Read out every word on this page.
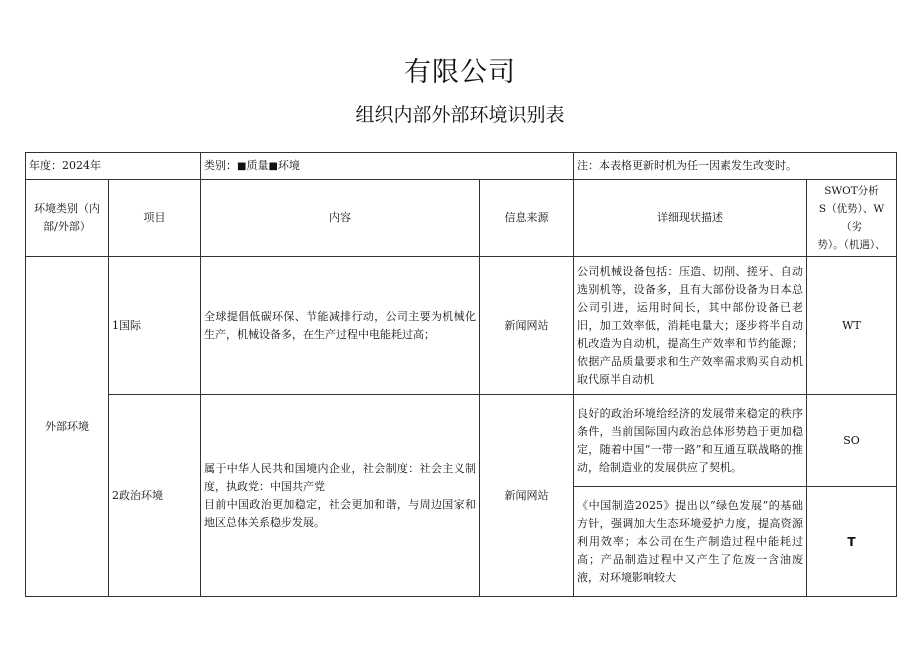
有限公司
组织内部外部环境识别表
年度：2024年		类别：■质量■环境		注：本表格更新时机为任一因素发生改变时。	
环境类别（内部/外部）	项目	内容	信息来源	详细现状描述	SWOT分析
S（优势）、W（劣
势）。（机遇）、

外部环境	1国际	全球提倡低碳环保、节能减排行动，公司主要为机械化生产，机械设备多，在生产过程中电能耗过高；	新闻网站	公司机械设备包括：压造、切削、搓牙、自动选别机等，设备多，且有大部份设备为日本总公司引进，运用时间长，其中部份设备已老旧，加工效率低，消耗电量大；逐步将半自动机改造为自动机，提高生产效率和节约能源；依据产品质量要求和生产效率需求购买自动机取代原半自动机	WT
	2政治环境	属于中华人民共和国境内企业，社会制度：社会主义制度，执政党：中国共产党
目前中国政治更加稳定，社会更加和谐，与周边国家和地区总体关系稳步发展。	新闻网站	良好的政治环境给经济的发展带来稳定的秩序条件，当前国际国内政治总体形势趋于更加稳定，随着中国“一带一路”和互通互联战略的推动，给制造业的发展供应了契机。	SO
				《中国制造2025》提出以“绿色发展”的基础方针，强调加大生态环境爱护力度，提高资源利用效率；本公司在生产制造过程中能耗过高；产品制造过程中又产生了危废一含油废液，对环境影响较大	T
